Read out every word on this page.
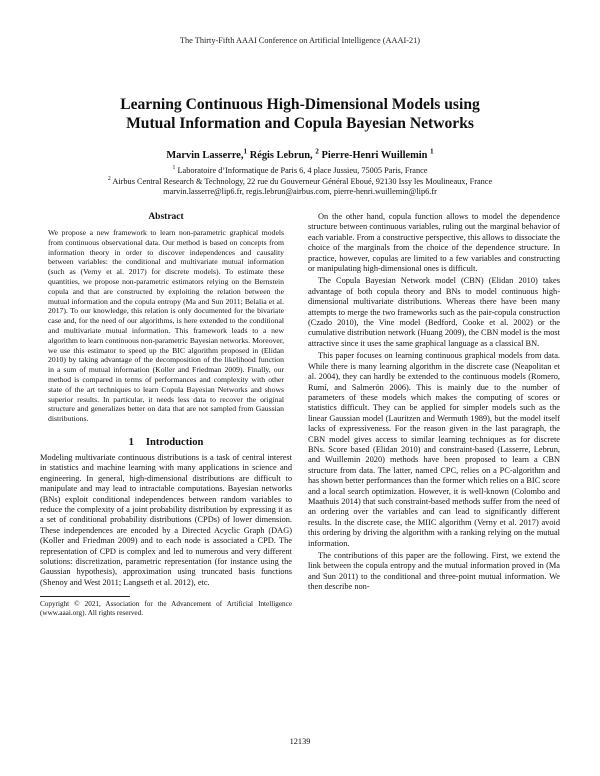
The Thirty-Fifth AAAI Conference on Artificial Intelligence (AAAI-21)
Learning Continuous High-Dimensional Models using
Mutual Information and Copula Bayesian Networks
Marvin Lasserre,$^1$ Régis Lebrun, $^2$ Pierre-Henri Wuillemin $^1$
$^1$ Laboratoire d’Informatique de Paris 6, 4 place Jussieu, 75005 Paris, France
$^2$ Airbus Central Research & Technology, 22 rue du Gouverneur Général Eboué, 92130 Issy les Moulineaux, France
marvin.lasserre@lip6.fr, regis.lebrun@airbus.com, pierre-henri.wuillemin@lip6.fr
Abstract

We propose a new framework to learn non-parametric graphical models from continuous observational data. Our method is based on concepts from information theory in order to discover independences and causality between variables: the conditional and multivariate mutual information (such as (Verny et al. 2017) for discrete models). To estimate these quantities, we propose non-parametric estimators relying on the Bernstein copula and that are constructed by exploiting the relation between the mutual information and the copula entropy (Ma and Sun 2011; Belalia et al. 2017). To our knowledge, this relation is only documented for the bivariate case and, for the need of our algorithms, is here extended to the conditional and multivariate mutual information. This framework leads to a new algorithm to learn continuous non-parametric Bayesian networks. Moreover, we use this estimator to speed up the BIC algorithm proposed in (Elidan 2010) by taking advantage of the decomposition of the likelihood function in a sum of mutual information (Koller and Friedman 2009). Finally, our method is compared in terms of performances and complexity with other state of the art techniques to learn Copula Bayesian Networks and shows superior results. In particular, it needs less data to recover the original structure and generalizes better on data that are not sampled from Gaussian distributions.

1 Introduction

Modeling multivariate continuous distributions is a task of central interest in statistics and machine learning with many applications in science and engineering. In general, high-dimensional distributions are difficult to manipulate and may lead to intractable computations. Bayesian networks (BNs) exploit conditional independences between random variables to reduce the complexity of a joint probability distribution by expressing it as a set of conditional probability distributions (CPDs) of lower dimension. These independences are encoded by a Directed Acyclic Graph (DAG) (Koller and Friedman 2009) and to each node is associated a CPD. The representation of CPD is complex and led to numerous and very different solutions: discretization, parametric representation (for instance using the Gaussian hypothesis), approximation using truncated basis functions (Shenoy and West 2011; Langseth et al. 2012), etc.

Copyright © 2021, Association for the Advancement of Artificial Intelligence (www.aaai.org). All rights reserved.

On the other hand, copula function allows to model the dependence structure between continuous variables, ruling out the marginal behavior of each variable. From a constructive perspective, this allows to dissociate the choice of the marginals from the choice of the dependence structure. In practice, however, copulas are limited to a few variables and constructing or manipulating high-dimensional ones is difficult.

The Copula Bayesian Network model (CBN) (Elidan 2010) takes advantage of both copula theory and BNs to model continuous high-dimensional multivariate distributions. Whereas there have been many attempts to merge the two frameworks such as the pair-copula construction (Czado 2010), the Vine model (Bedford, Cooke et al. 2002) or the cumulative distribution network (Huang 2009), the CBN model is the most attractive since it uses the same graphical language as a classical BN.

This paper focuses on learning continuous graphical models from data. While there is many learning algorithm in the discrete case (Neapolitan et al. 2004), they can hardly be extended to the continuous models (Romero, Rumí, and Salmerón 2006). This is mainly due to the number of parameters of these models which makes the computing of scores or statistics difficult. They can be applied for simpler models such as the linear Gaussian model (Lauritzen and Wermuth 1989), but the model itself lacks of expressiveness. For the reason given in the last paragraph, the CBN model gives access to similar learning techniques as for discrete BNs. Score based (Elidan 2010) and constraint-based (Lasserre, Lebrun, and Wuillemin 2020) methods have been proposed to learn a CBN structure from data. The latter, named CPC, relies on a PC-algorithm and has shown better performances than the former which relies on a BIC score and a local search optimization. However, it is well-known (Colombo and Maathuis 2014) that such constraint-based methods suffer from the need of an ordering over the variables and can lead to significantly different results. In the discrete case, the MIIC algorithm (Verny et al. 2017) avoid this ordering by driving the algorithm with a ranking relying on the mutual information.

The contributions of this paper are the following. First, we extend the link between the copula entropy and the mutual information proved in (Ma and Sun 2011) to the conditional and three-point mutual information. We then describe non-

12139
